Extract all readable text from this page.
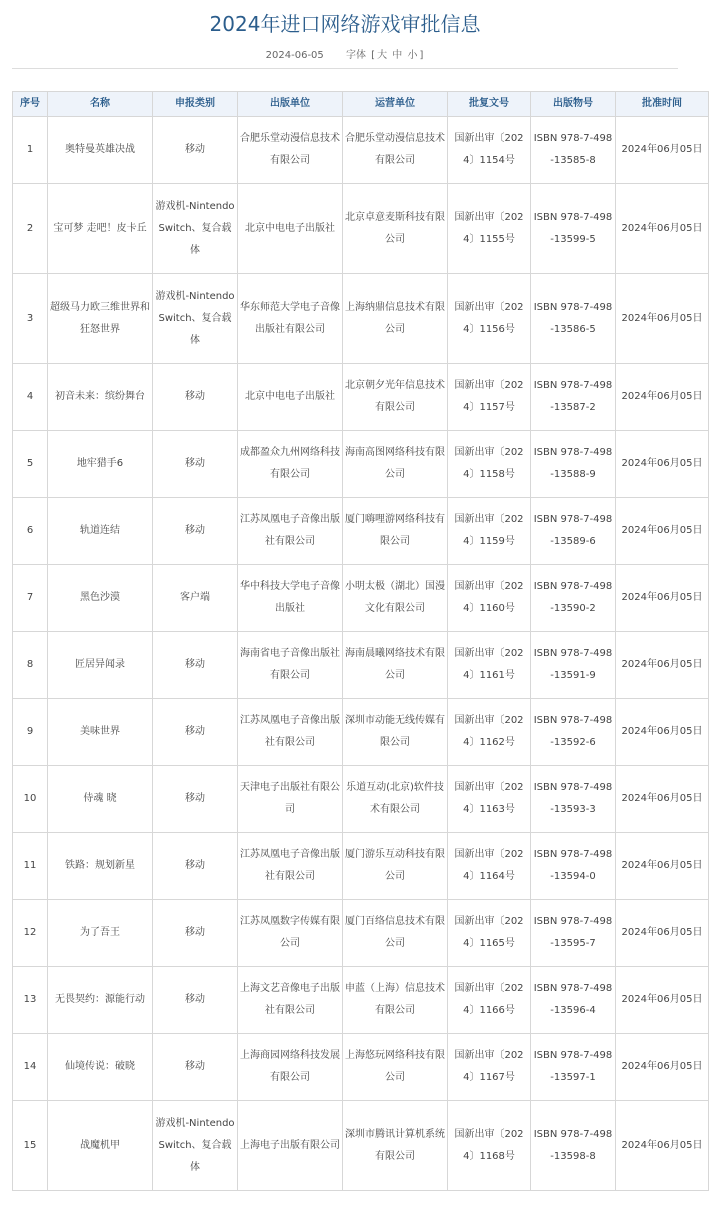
2024年进口网络游戏审批信息
2024-06-05 字体 [ 大 中 小 ]
序号	名称	申报类别	出版单位	运营单位	批复文号	出版物号	批准时间
1	奥特曼英雄决战	移动	合肥乐堂动漫信息技术有限公司	合肥乐堂动漫信息技术有限公司	国新出审〔2024〕1154号	ISBN 978-7-498-13585-8	2024年06月05日
2	宝可梦 走吧！皮卡丘	游戏机-Nintendo Switch、复合载体	北京中电电子出版社	北京卓意麦斯科技有限公司	国新出审〔2024〕1155号	ISBN 978-7-498-13599-5	2024年06月05日
3	超级马力欧三维世界和狂怒世界	游戏机-Nintendo Switch、复合载体	华东师范大学电子音像出版社有限公司	上海纳鼎信息技术有限公司	国新出审〔2024〕1156号	ISBN 978-7-498-13586-5	2024年06月05日
4	初音未来：缤纷舞台	移动	北京中电电子出版社	北京朝夕光年信息技术有限公司	国新出审〔2024〕1157号	ISBN 978-7-498-13587-2	2024年06月05日
5	地牢猎手6	移动	成都盈众九州网络科技有限公司	海南高图网络科技有限公司	国新出审〔2024〕1158号	ISBN 978-7-498-13588-9	2024年06月05日
6	轨道连结	移动	江苏凤凰电子音像出版社有限公司	厦门嗨哩游网络科技有限公司	国新出审〔2024〕1159号	ISBN 978-7-498-13589-6	2024年06月05日
7	黑色沙漠	客户端	华中科技大学电子音像出版社	小明太极（湖北）国漫文化有限公司	国新出审〔2024〕1160号	ISBN 978-7-498-13590-2	2024年06月05日
8	匠居异闻录	移动	海南省电子音像出版社有限公司	海南晨曦网络技术有限公司	国新出审〔2024〕1161号	ISBN 978-7-498-13591-9	2024年06月05日
9	美味世界	移动	江苏凤凰电子音像出版社有限公司	深圳市动能无线传媒有限公司	国新出审〔2024〕1162号	ISBN 978-7-498-13592-6	2024年06月05日
10	侍魂 晓	移动	天津电子出版社有限公司	乐道互动(北京)软件技术有限公司	国新出审〔2024〕1163号	ISBN 978-7-498-13593-3	2024年06月05日
11	铁路：规划新星	移动	江苏凤凰电子音像出版社有限公司	厦门游乐互动科技有限公司	国新出审〔2024〕1164号	ISBN 978-7-498-13594-0	2024年06月05日
12	为了吾王	移动	江苏凤凰数字传媒有限公司	厦门百络信息技术有限公司	国新出审〔2024〕1165号	ISBN 978-7-498-13595-7	2024年06月05日
13	无畏契约：源能行动	移动	上海文艺音像电子出版社有限公司	申蓝（上海）信息技术有限公司	国新出审〔2024〕1166号	ISBN 978-7-498-13596-4	2024年06月05日
14	仙境传说：破晓	移动	上海商园网络科技发展有限公司	上海悠玩网络科技有限公司	国新出审〔2024〕1167号	ISBN 978-7-498-13597-1	2024年06月05日
15	战魔机甲	游戏机-Nintendo Switch、复合载体	上海电子出版有限公司	深圳市腾讯计算机系统有限公司	国新出审〔2024〕1168号	ISBN 978-7-498-13598-8	2024年06月05日
